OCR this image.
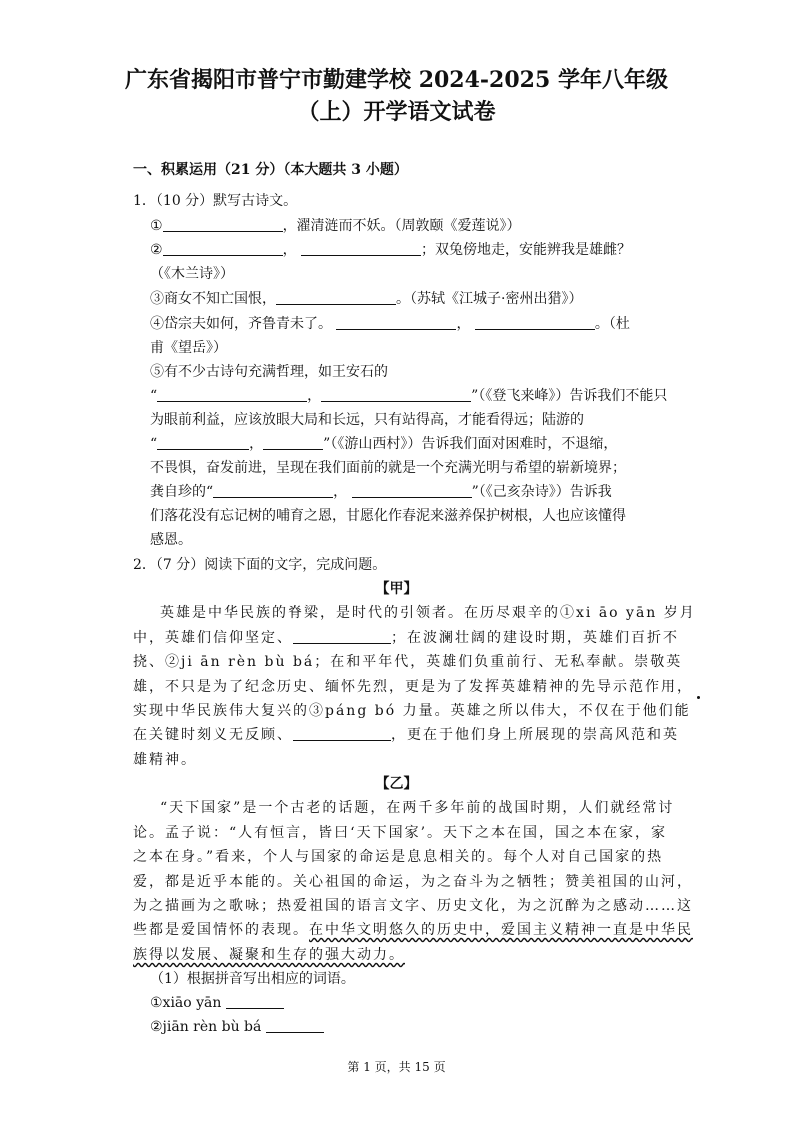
广东省揭阳市普宁市勤建学校 2024-2025 学年八年级
（上）开学语文试卷
一、积累运用（21 分）（本大题共 3 小题）
1．（10 分）默写古诗文。
①	，濯清涟而不妖。（周敦颐《爱莲说》）
②	，	；双兔傍地走，安能辨我是雄雌？
（《木兰诗》）
③商女不知亡国恨，	。（苏轼《江城子·密州出猎》）
④岱宗夫如何，齐鲁青未了。	，	。（杜
甫《望岳》）
⑤有不少古诗句充满哲理，如王安石的
“	，	”（《登飞来峰》）告诉我们不能只
为眼前利益，应该放眼大局和长远，只有站得高，才能看得远；陆游的
“	，	”（《游山西村》）告诉我们面对困难时，不退缩，
不畏惧，奋发前进，呈现在我们面前的就是一个充满光明与希望的崭新境界；
龚自珍的“	，	”（《己亥杂诗》）告诉我
们落花没有忘记树的哺育之恩，甘愿化作春泥来滋养保护树根，人也应该懂得
感恩。
2．（7 分）阅读下面的文字，完成问题。
【甲】
英雄是中华民族的脊梁，是时代的引领者。在历尽艰辛的①xi āo yān 岁月
中，英雄们信仰坚定、	；在波澜壮阔的建设时期，英雄们百折不
挠、②ji ān rèn bù bá；在和平年代，英雄们负重前行、无私奉献。崇敬英
雄，不只是为了纪念历史、缅怀先烈，更是为了发挥英雄精神的先导示范作用，
实现中华民族伟大复兴的③páng bó 力量。英雄之所以伟大，不仅在于他们能
在关键时刻义无反顾、	，更在于他们身上所展现的崇高风范和英
雄精神。
【乙】
“天下国家”是一个古老的话题，在两千多年前的战国时期，人们就经常讨
论。孟子说：“人有恒言，皆曰‘天下国家’。天下之本在国，国之本在家，家
之本在身。”看来，个人与国家的命运是息息相关的。每个人对自己国家的热
爱，都是近乎本能的。关心祖国的命运，为之奋斗为之牺牲；赞美祖国的山河，
为之描画为之歌咏；热爱祖国的语言文字、历史文化，为之沉醉为之感动……这
些都是爱国情怀的表现。在中华文明悠久的历史中，爱国主义精神一直是中华民
族得以发展、凝聚和生存的强大动力。
（1）根据拼音写出相应的词语。
①xiāo yān
②jiān rèn bù bá
第 1 页，共 15 页
